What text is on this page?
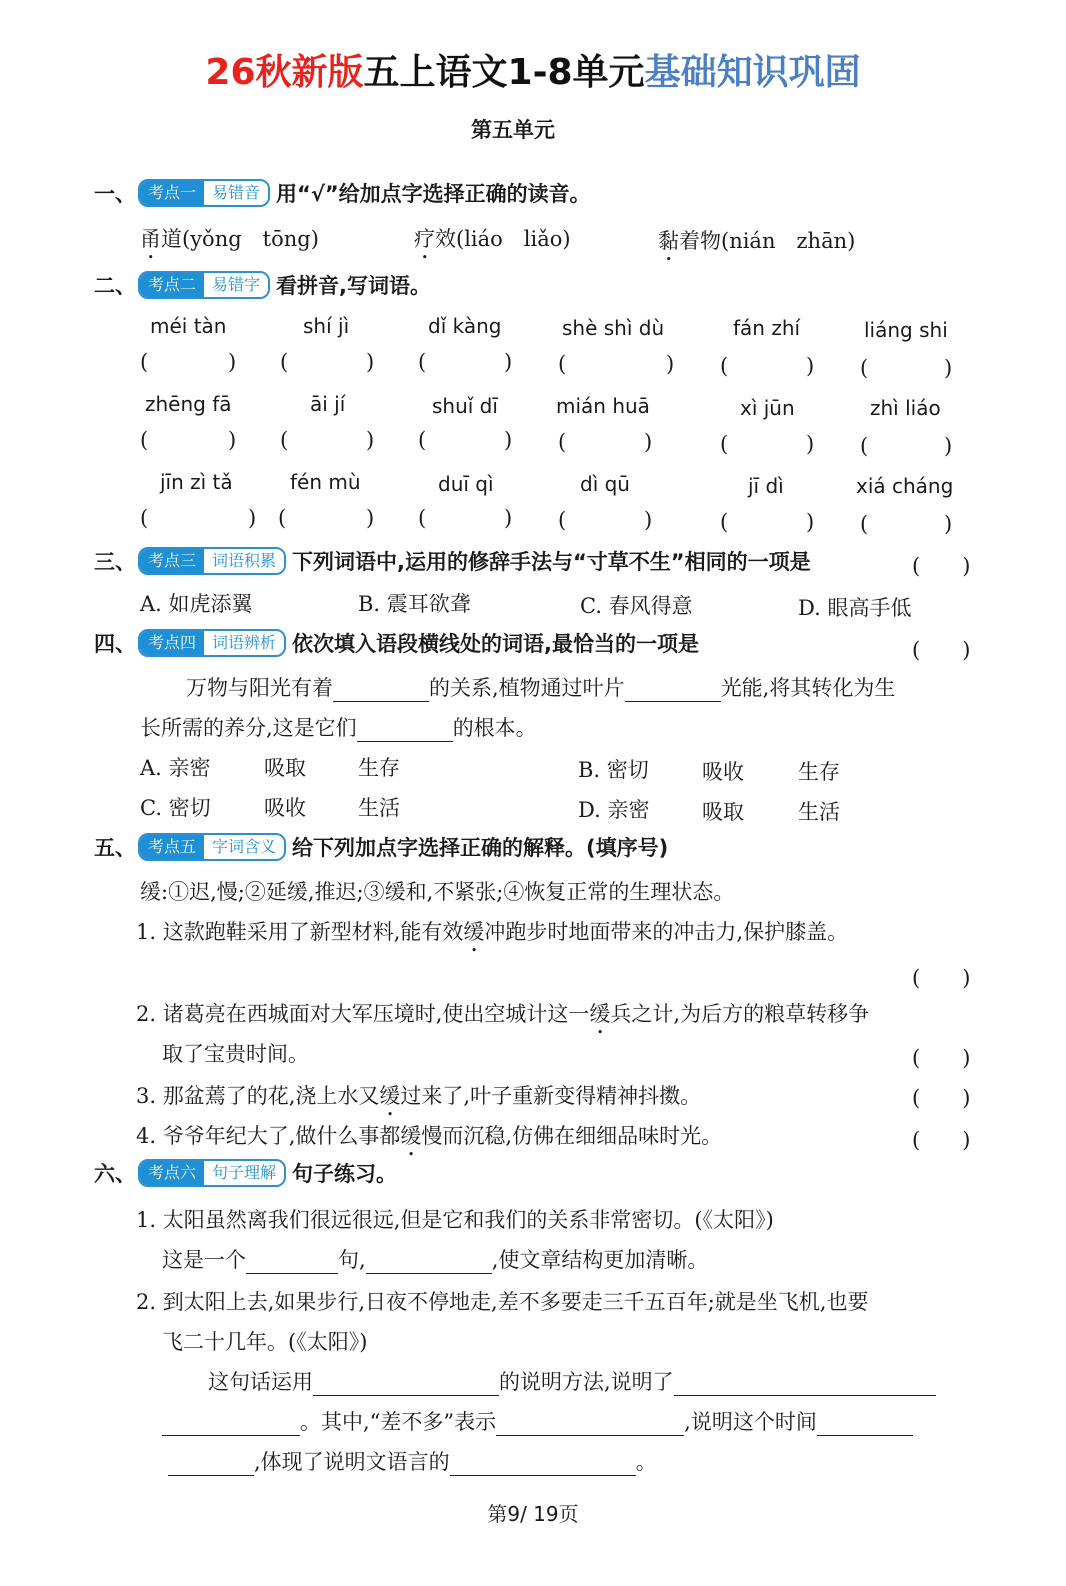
26秋新版五上语文1-8单元基础知识巩固
第五单元
一、 考点一	易错音 用“√”给加点字选择正确的读音。
甬道(yǒng　tōng)	疗效(liáo　liǎo)	黏着物(nián　zhān)
二、 考点二	易错字 看拼音,写词语。
méi tàn	shí jì	dǐ kàng	shè shì dù	fán zhí	liáng shi
(	) (	) (	) (	) (	) (	)
zhēng fā	āi jí	shuǐ dī	mián huā	xì jūn	zhì liáo
(	) (	) (	) (	)	(	) (	)
jīn zì tǎ	fén mù	duī qì	dì qū	jī dì	xiá cháng
(	) (	) (	) (	)	(	) (	)
三、 考点三	词语积累 下列词语中,运用的修辞手法与“寸草不生”相同的一项是	(　　)
A. 如虎添翼	B. 震耳欲聋	C. 春风得意	D. 眼高手低
四、 考点四	词语辨析 依次填入语段横线处的词语,最恰当的一项是	(　　)
万物与阳光有着	的关系,植物通过叶片	光能,将其转化为生
长所需的养分,这是它们	的根本。
A. 亲密	吸取 生存	B. 密切	吸收	生存
C. 密切	吸收 生活	D. 亲密	吸取	生活
五、 考点五	字词含义 给下列加点字选择正确的解释。(填序号)
缓:①迟,慢;②延缓,推迟;③缓和,不紧张;④恢复正常的生理状态。
1. 这款跑鞋采用了新型材料,能有效缓冲跑步时地面带来的冲击力,保护膝盖。
(　　)
2. 诸葛亮在西城面对大军压境时,使出空城计这一缓兵之计,为后方的粮草转移争
取了宝贵时间。	(　　)
3. 那盆蔫了的花,浇上水又缓过来了,叶子重新变得精神抖擞。	(　　)
4. 爷爷年纪大了,做什么事都缓慢而沉稳,仿佛在细细品味时光。	(　　)
六、 考点六	句子理解 句子练习。
1. 太阳虽然离我们很远很远,但是它和我们的关系非常密切。(《太阳》)
这是一个	句,	,使文章结构更加清晰。
2. 到太阳上去,如果步行,日夜不停地走,差不多要走三千五百年;就是坐飞机,也要
飞二十几年。(《太阳》)
这句话运用	的说明方法,说明了
。其中,“差不多”表示	,说明这个时间
,体现了说明文语言的	。
第9/ 19页
